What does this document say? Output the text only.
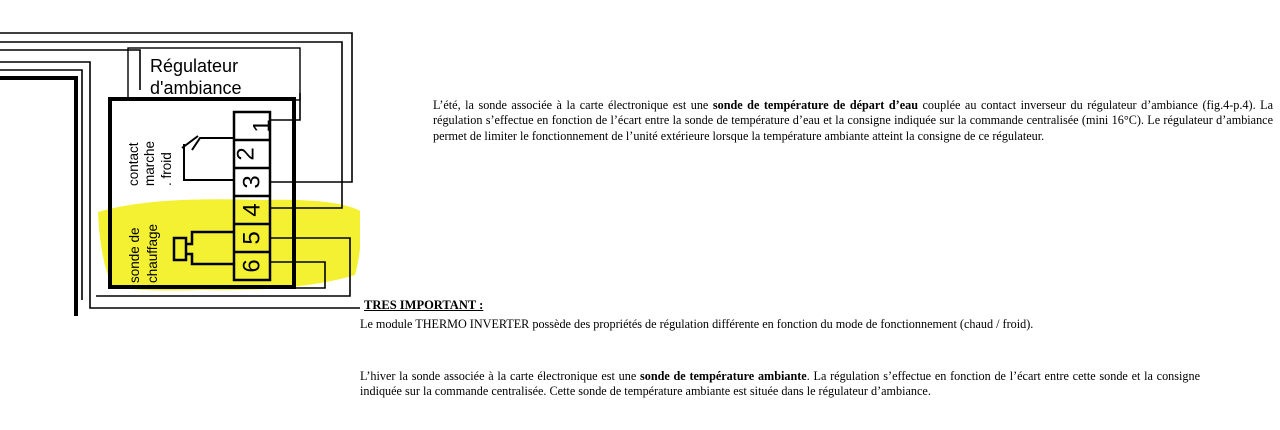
1
2
3
4
5
6
Régulateur
d'ambiance
contact marche . froid
sonde de chauffage

L’été, la sonde associée à la carte électronique est une sonde de température de départ d’eau couplée au contact inverseur du régulateur d’ambiance (fig.4-p.4). La régulation s’effectue en fonction de l’écart entre la sonde de température d’eau et la consigne indiquée sur la commande centralisée (mini 16°C). Le régulateur d’ambiance permet de limiter le fonctionnement de l’unité extérieure lorsque la température ambiante atteint la consigne de ce régulateur.

TRES IMPORTANT :

Le module THERMO INVERTER possède des propriétés de régulation différente en fonction du mode de fonctionnement (chaud / froid).

L’hiver la sonde associée à la carte électronique est une sonde de température ambiante. La régulation s’effectue en fonction de l’écart entre cette sonde et la consigne indiquée sur la commande centralisée. Cette sonde de température ambiante est située dans le régulateur d’ambiance.
